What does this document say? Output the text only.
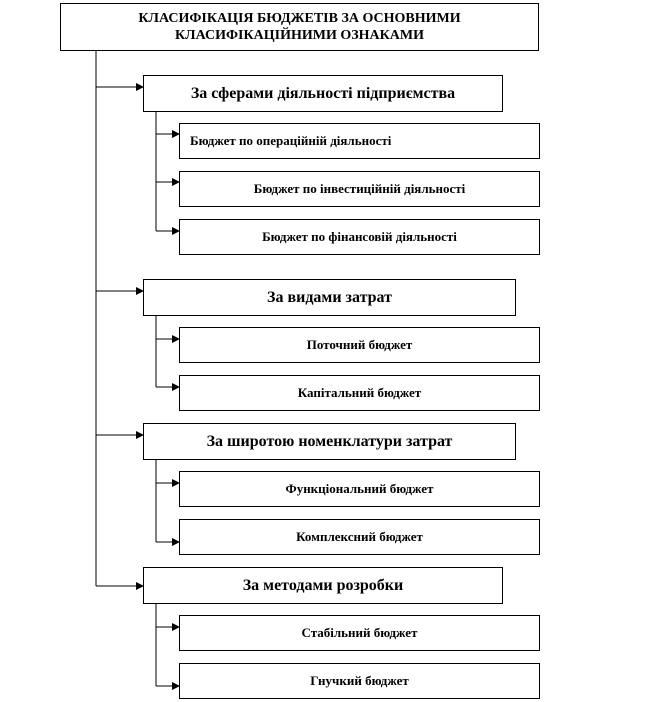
КЛАСИФІКАЦІЯ БЮДЖЕТІВ ЗА ОСНОВНИМИ КЛАСИФІКАЦІЙНИМИ ОЗНАКАМИ
За сферами діяльності підприємства
Бюджет по операційній діяльності
Бюджет по інвестиційній діяльності
Бюджет по фінансовій діяльності
За видами затрат
Поточний бюджет
Капітальний бюджет
За широтою номенклатури затрат
Функціональний бюджет
Комплексний бюджет
За методами розробки
Стабільний бюджет
Гнучкий бюджет
